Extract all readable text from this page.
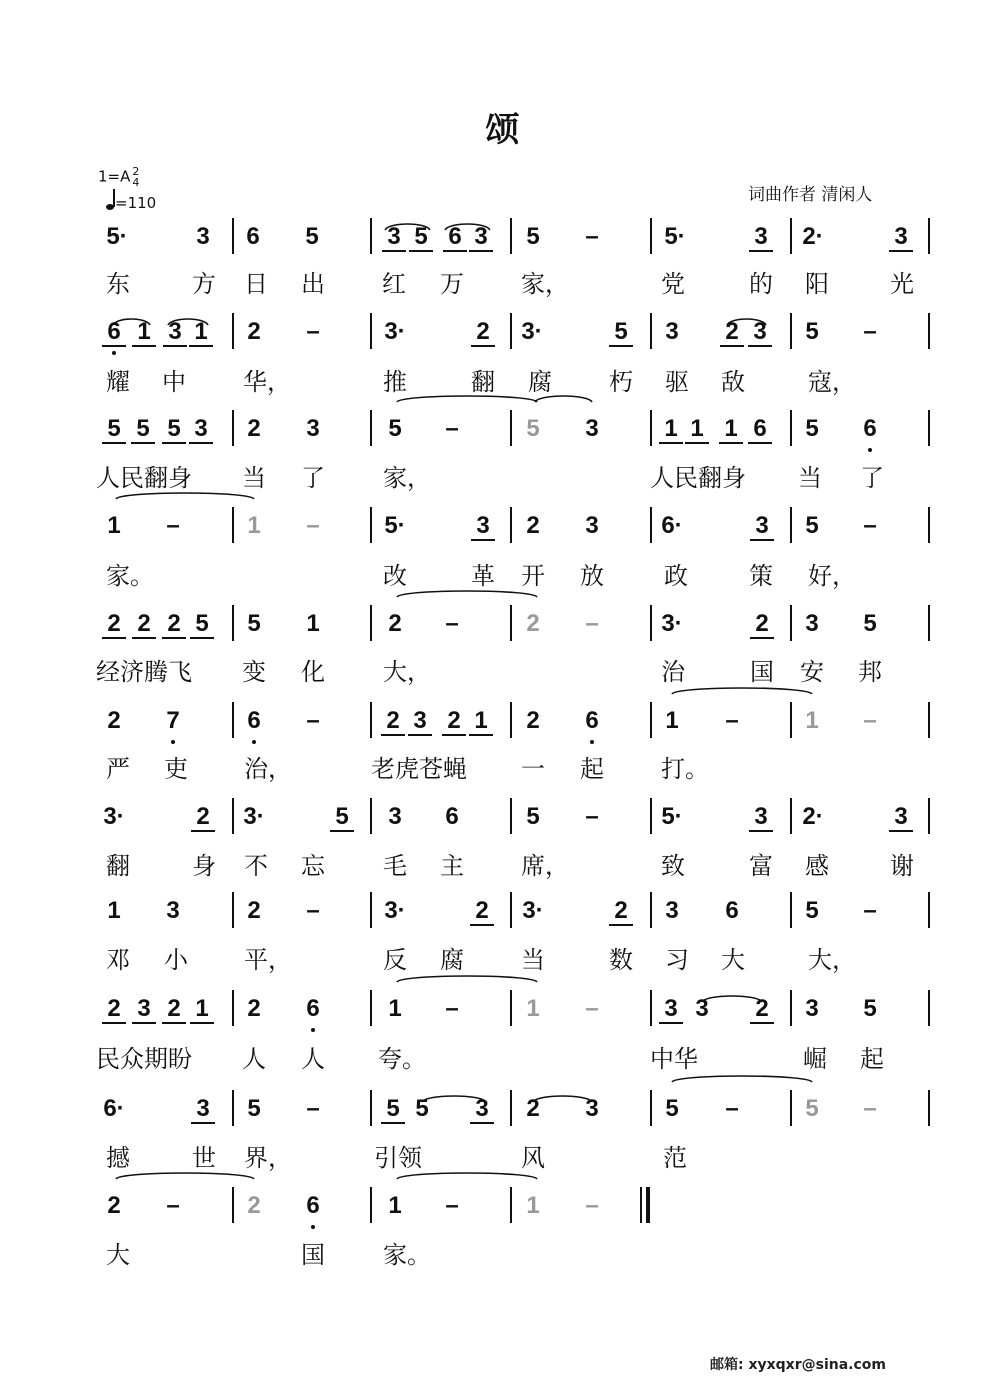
颂
1=A 2
4
=110	词曲作者 清闲人
5·	3 6 5	3 5 6 3 5 –	5·	3 2·	3
东	方 日 出 红 万 家，	党	的 阳	光
6 1 3 1 2 –	3·	2 3·	5 3 2 3 5 –
耀 中 华，	推	翻 腐 朽 驱 敌	寇，
5 5 5 3 2 3	5 –	5 3	1 1 1 6 5 6
人民翻身	当 了 家，	人民翻身	当 了
1 –	1 –	5·	3 2 3	6·	3 5 –
家。	改	革 开 放	政	策 好，
2 2 2 5 5 1	2 –	2 –	3·	2 3 5
经济腾飞	变 化 大，	治	国 安 邦
2 7	6 –	2 3 2 1 2 6	1 –	1 –
严 吏 治，	老虎苍蝇	一 起 打。
3·	2 3·	5 3 6	5 –	5·	3 2·	3
翻	身 不 忘 毛 主 席，	致	富 感	谢
1 3	2 –	3·	2 3·	2 3 6	5 –
邓 小 平，	反 腐 当	数 习 大	大，
2 3 2 1 2 6	1 –	1 –	3 3 2 3 5
民众期盼	人 人 夸。	中华	崛 起
6·	3 5 –	5 5 3 2 3	5 –	5 –
撼	世 界，	引领	风	范
2 –	2 6	1 –	1 –
大	国 家。
邮箱: xyxqxr@sina.com
